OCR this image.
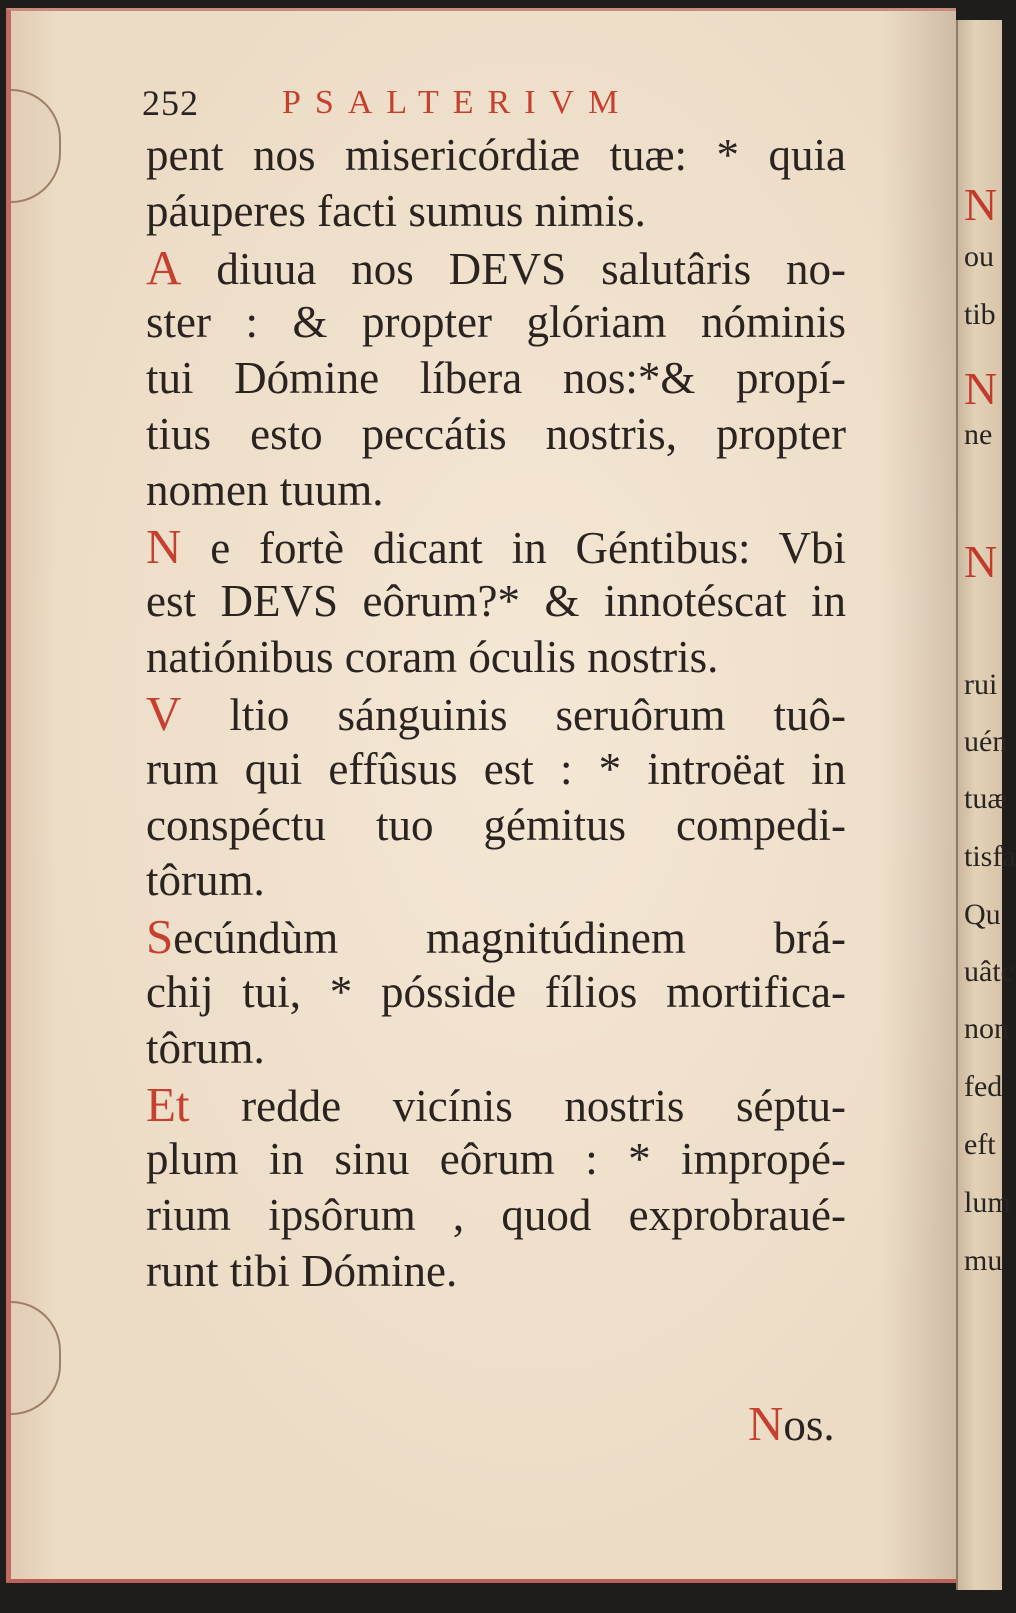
N
ou
tib
N
ne
N
rui
uén
tuæ
tisfa
Qu
uâtc
non
fed
eft
lum
mu
252 PSALTERIVM
pent nos misericórdiæ tuæ: * quia
páuperes facti sumus nimis.
A diuua nos DEVS salutâris no-
ster : & propter glóriam nóminis
tui Dómine líbera nos:*& propí-
tius esto peccátis nostris, propter
nomen tuum.
N e fortè dicant in Géntibus: Vbi
est DEVS eôrum?* & innotéscat in
natiónibus coram óculis nostris.
V ltio sánguinis seruôrum tuô-
rum qui effûsus est : * introëat in
conspéctu tuo gémitus compedi-
tôrum.
Secúndùm magnitúdinem brá-
chij tui, * pósside fílios mortifica-
tôrum.
Et redde vicínis nostris séptu-
plum in sinu eôrum : * impropé-
rium ipsôrum , quod exprobraué-
runt tibi Dómine.
Nos.
